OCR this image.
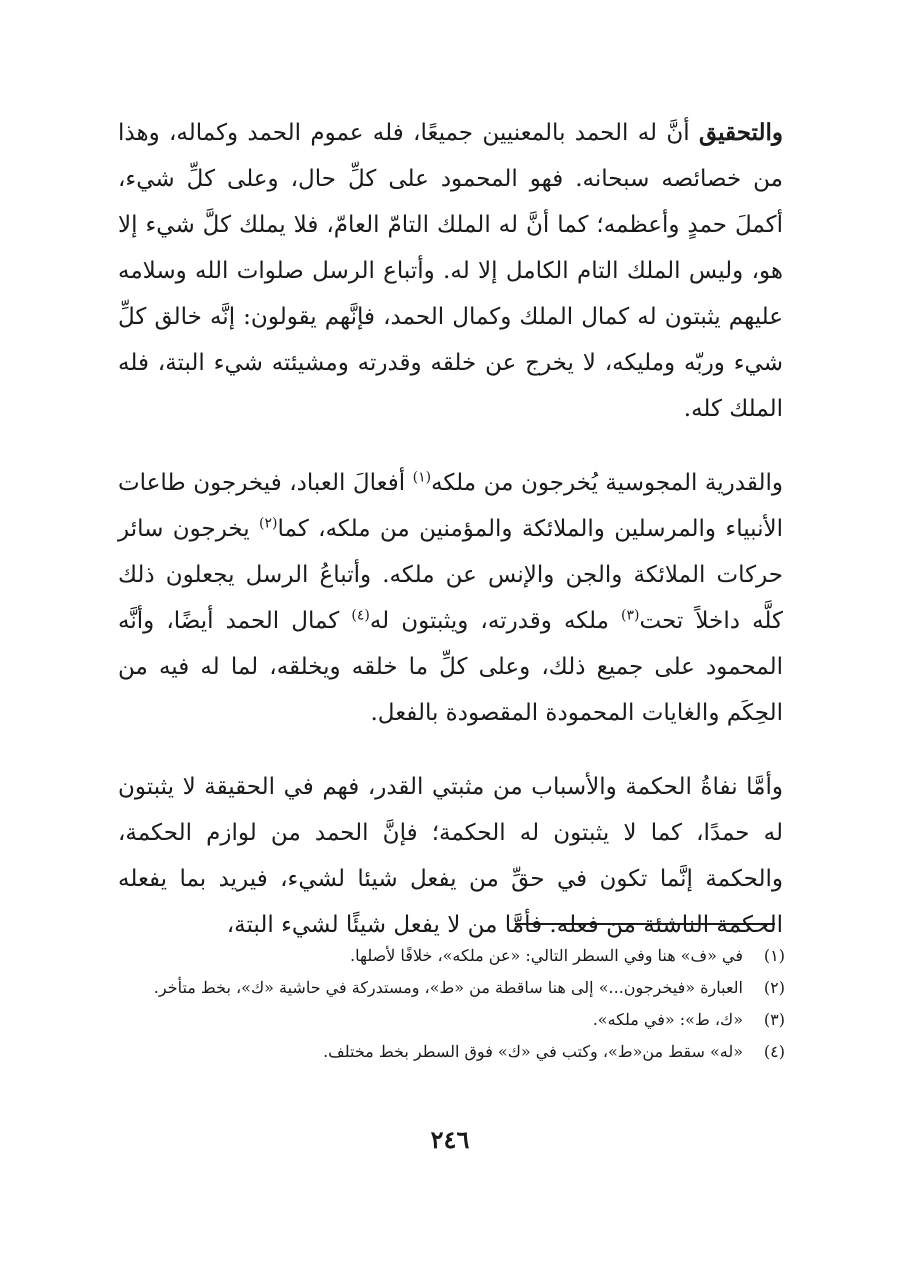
والتحقيق أنَّ له الحمد بالمعنيين جميعًا، فله عموم الحمد وكماله، وهذا من خصائصه سبحانه. فهو المحمود على كلِّ حال، وعلى كلِّ شيء، أكملَ حمدٍ وأعظمه؛ كما أنَّ له الملك التامّ العامّ، فلا يملك كلَّ شيء إلا هو، وليس الملك التام الكامل إلا له. وأتباع الرسل صلوات الله وسلامه عليهم يثبتون له كمال الملك وكمال الحمد، فإنَّهم يقولون: إنَّه خالق كلِّ شيء وربّه ومليكه، لا يخرج عن خلقه وقدرته ومشيئته شيء البتة، فله الملك كله.

والقدرية المجوسية يُخرجون من ملكه$^{(١)}$ أفعالَ العباد، فيخرجون طاعات الأنبياء والمرسلين والملائكة والمؤمنين من ملكه، كما$^{(٢)}$ يخرجون سائر حركات الملائكة والجن والإنس عن ملكه. وأتباعُ الرسل يجعلون ذلك كلَّه داخلاً تحت$^{(٣)}$ ملكه وقدرته، ويثبتون له$^{(٤)}$ كمال الحمد أيضًا، وأنَّه المحمود على جميع ذلك، وعلى كلِّ ما خلقه ويخلقه، لما له فيه من الحِكَم والغايات المحمودة المقصودة بالفعل.

وأمَّا نفاةُ الحكمة والأسباب من مثبتي القدر، فهم في الحقيقة لا يثبتون له حمدًا، كما لا يثبتون له الحكمة؛ فإنَّ الحمد من لوازم الحكمة، والحكمة إنَّما تكون في حقِّ من يفعل شيئا لشيء، فيريد بما يفعله الحكمة الناشئة من فعله. فأمَّا من لا يفعل شيئًا لشيء البتة،

(١)
في «ف» هنا وفي السطر التالي: «عن ملكه»، خلافًا لأصلها.
(٢)
العبارة «فيخرجون...» إلى هنا ساقطة من «ط»، ومستدركة في حاشية «ك»، بخط متأخر.
(٣)
«ك، ط»: «في ملكه».
(٤)
«له» سقط من«ط»، وكتب في «ك» فوق السطر بخط مختلف.
٢٤٦
